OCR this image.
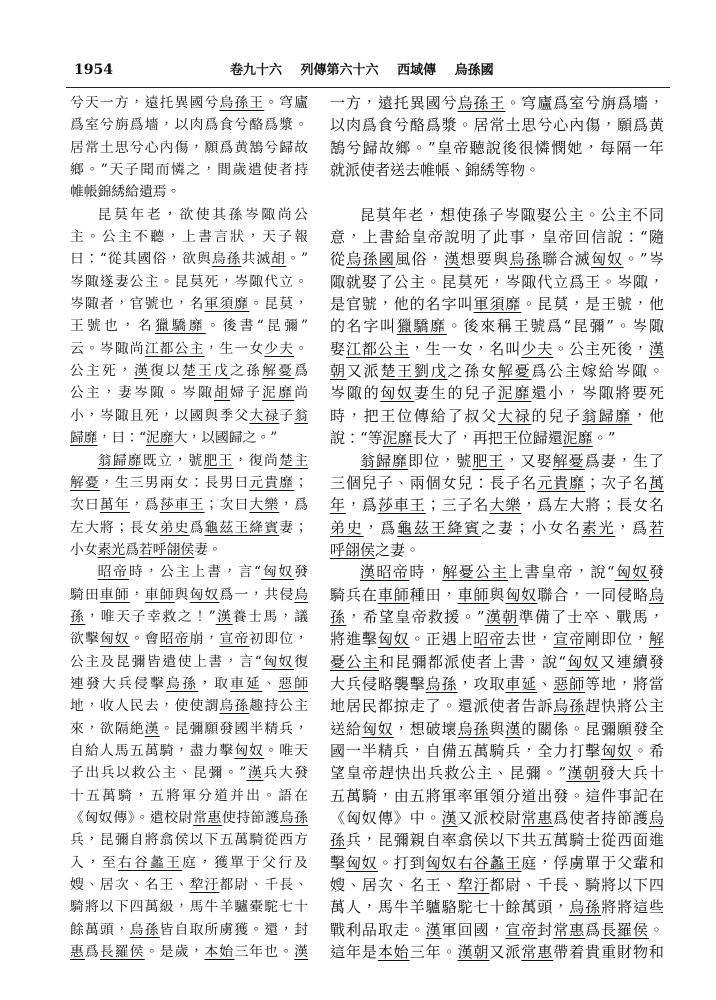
1954	卷九十六 列傳第六十六 西域傳 烏孫國
兮天一方，遠托異國兮烏孫王。穹廬
爲室兮旃爲墻，以肉爲食兮酪爲漿。
居常土思兮心內傷，願爲黄鵠兮歸故
鄉。”天子聞而憐之，間歲遣使者持
帷帳錦綉給遺焉。
昆莫年老，欲使其孫岑陬尚公
主。公主不聽，上書言狀，天子報
曰：“從其國俗，欲與烏孫共滅胡。”
岑陬遂妻公主。昆莫死，岑陬代立。
岑陬者，官號也，名軍須靡。昆莫，
王號也，名獵驕靡。後書“昆彌”
云。岑陬尚江都公主，生一女少夫。
公主死，漢復以楚王戊之孫解憂爲
公主，妻岑陬。岑陬胡婦子泥靡尚
小，岑陬且死，以國與季父大禄子翁
歸靡，曰：“泥靡大，以國歸之。”
翁歸靡既立，號肥王，復尚楚主
解憂，生三男兩女：長男曰元貴靡；
次曰萬年，爲莎車王；次曰大樂，爲
左大將；長女弟史爲龜茲王絳賓妻；
小女素光爲若呼翖侯妻。
昭帝時，公主上書，言“匈奴發
騎田車師，車師與匈奴爲一，共侵烏
孫，唯天子幸救之！”漢養士馬，議
欲擊匈奴。會昭帝崩，宣帝初即位，
公主及昆彌皆遣使上書，言“匈奴復
連發大兵侵擊烏孫，取車延、惡師
地，收人民去，使使謂烏孫趣持公主
來，欲隔絶漢。昆彌願發國半精兵，
自給人馬五萬騎，盡力擊匈奴。唯天
子出兵以救公主、昆彌。”漢兵大發
十五萬騎，五將軍分道并出。語在
《匈奴傳》。遣校尉常惠使持節護烏孫
兵，昆彌自將翕侯以下五萬騎從西方
入，至右谷蠡王庭，獲單于父行及
嫂、居次、名王、犂汙都尉、千長、
騎將以下四萬級，馬牛羊驢橐駝七十
餘萬頭，烏孫皆自取所虜獲。還，封
惠爲長羅侯。是歲，本始三年也。漢
一方，遠托異國兮烏孫王。穹廬爲室兮旃爲墻，
以肉爲食兮酪爲漿。居常土思兮心內傷，願爲黄
鵠兮歸故鄉。”皇帝聽說後很憐憫她，每隔一年
就派使者送去帷帳、錦綉等物。
昆莫年老，想使孫子岑陬娶公主。公主不同
意，上書給皇帝說明了此事，皇帝回信說：“隨
從烏孫國風俗，漢想要與烏孫聯合滅匈奴。”岑
陬就娶了公主。昆莫死，岑陬代立爲王。岑陬，
是官號，他的名字叫軍須靡。昆莫，是王號，他
的名字叫獵驕靡。後來稱王號爲“昆彌”。岑陬
娶江都公主，生一女，名叫少夫。公主死後，漢
朝又派楚王劉戊之孫女解憂爲公主嫁給岑陬。
岑陬的匈奴妻生的兒子泥靡還小，岑陬將要死
時，把王位傳給了叔父大禄的兒子翁歸靡，他
說：“等泥靡長大了，再把王位歸還泥靡。”
翁歸靡即位，號肥王，又娶解憂爲妻，生了
三個兒子、兩個女兒：長子名元貴靡；次子名萬
年，爲莎車王；三子名大樂，爲左大將；長女名
弟史，爲龜茲王絳賓之妻；小女名素光，爲若
呼翖侯之妻。
漢昭帝時，解憂公主上書皇帝，說“匈奴發
騎兵在車師種田，車師與匈奴聯合，一同侵略烏
孫，希望皇帝救援。”漢朝準備了士卒、戰馬，
將進擊匈奴。正遇上昭帝去世，宣帝剛即位，解
憂公主和昆彌都派使者上書，說“匈奴又連續發
大兵侵略襲擊烏孫，攻取車延、惡師等地，將當
地居民都掠走了。還派使者告訴烏孫趕快將公主
送給匈奴，想破壞烏孫與漢的關係。昆彌願發全
國一半精兵，自備五萬騎兵，全力打擊匈奴。希
望皇帝趕快出兵救公主、昆彌。”漢朝發大兵十
五萬騎，由五將軍率軍領分道出發。這件事記在
《匈奴傳》中。漢又派校尉常惠爲使者持節護烏
孫兵，昆彌親自率翕侯以下共五萬騎士從西面進
擊匈奴。打到匈奴右谷蠡王庭，俘虜單于父輩和
嫂、居次、名王、犂汙都尉、千長、騎將以下四
萬人，馬牛羊驢駱駝七十餘萬頭，烏孫將將這些
戰利品取走。漢軍回國，宣帝封常惠爲長羅侯。
這年是本始三年。漢朝又派常惠帶着貴重財物和
